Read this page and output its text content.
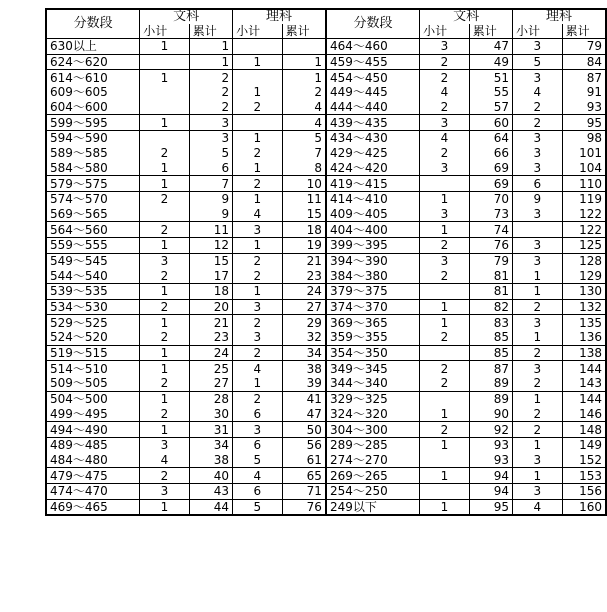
分数段	文科		理科		分数段	文科		理科	
	小计	累计	小计	累计		小计	累计	小计	累计
630以上	1	1			464～460	3	47	3	79
624～620		1	1	1	459～455	2	49	5	84
614～610	1	2		1	454～450	2	51	3	87
609～605		2	1	2	449～445	4	55	4	91
604～600		2	2	4	444～440	2	57	2	93
599～595	1	3		4	439～435	3	60	2	95
594～590		3	1	5	434～430	4	64	3	98
589～585	2	5	2	7	429～425	2	66	3	101
584～580	1	6	1	8	424～420	3	69	3	104
579～575	1	7	2	10	419～415		69	6	110
574～570	2	9	1	11	414～410	1	70	9	119
569～565		9	4	15	409～405	3	73	3	122
564～560	2	11	3	18	404～400	1	74		122
559～555	1	12	1	19	399～395	2	76	3	125
549～545	3	15	2	21	394～390	3	79	3	128
544～540	2	17	2	23	384～380	2	81	1	129
539～535	1	18	1	24	379～375		81	1	130
534～530	2	20	3	27	374～370	1	82	2	132
529～525	1	21	2	29	369～365	1	83	3	135
524～520	2	23	3	32	359～355	2	85	1	136
519～515	1	24	2	34	354～350		85	2	138
514～510	1	25	4	38	349～345	2	87	3	144
509～505	2	27	1	39	344～340	2	89	2	143
504～500	1	28	2	41	329～325		89	1	144
499～495	2	30	6	47	324～320	1	90	2	146
494～490	1	31	3	50	304～300	2	92	2	148
489～485	3	34	6	56	289～285	1	93	1	149
484～480	4	38	5	61	274～270		93	3	152
479～475	2	40	4	65	269～265	1	94	1	153
474～470	3	43	6	71	254～250		94	3	156
469～465	1	44	5	76	249以下	1	95	4	160
